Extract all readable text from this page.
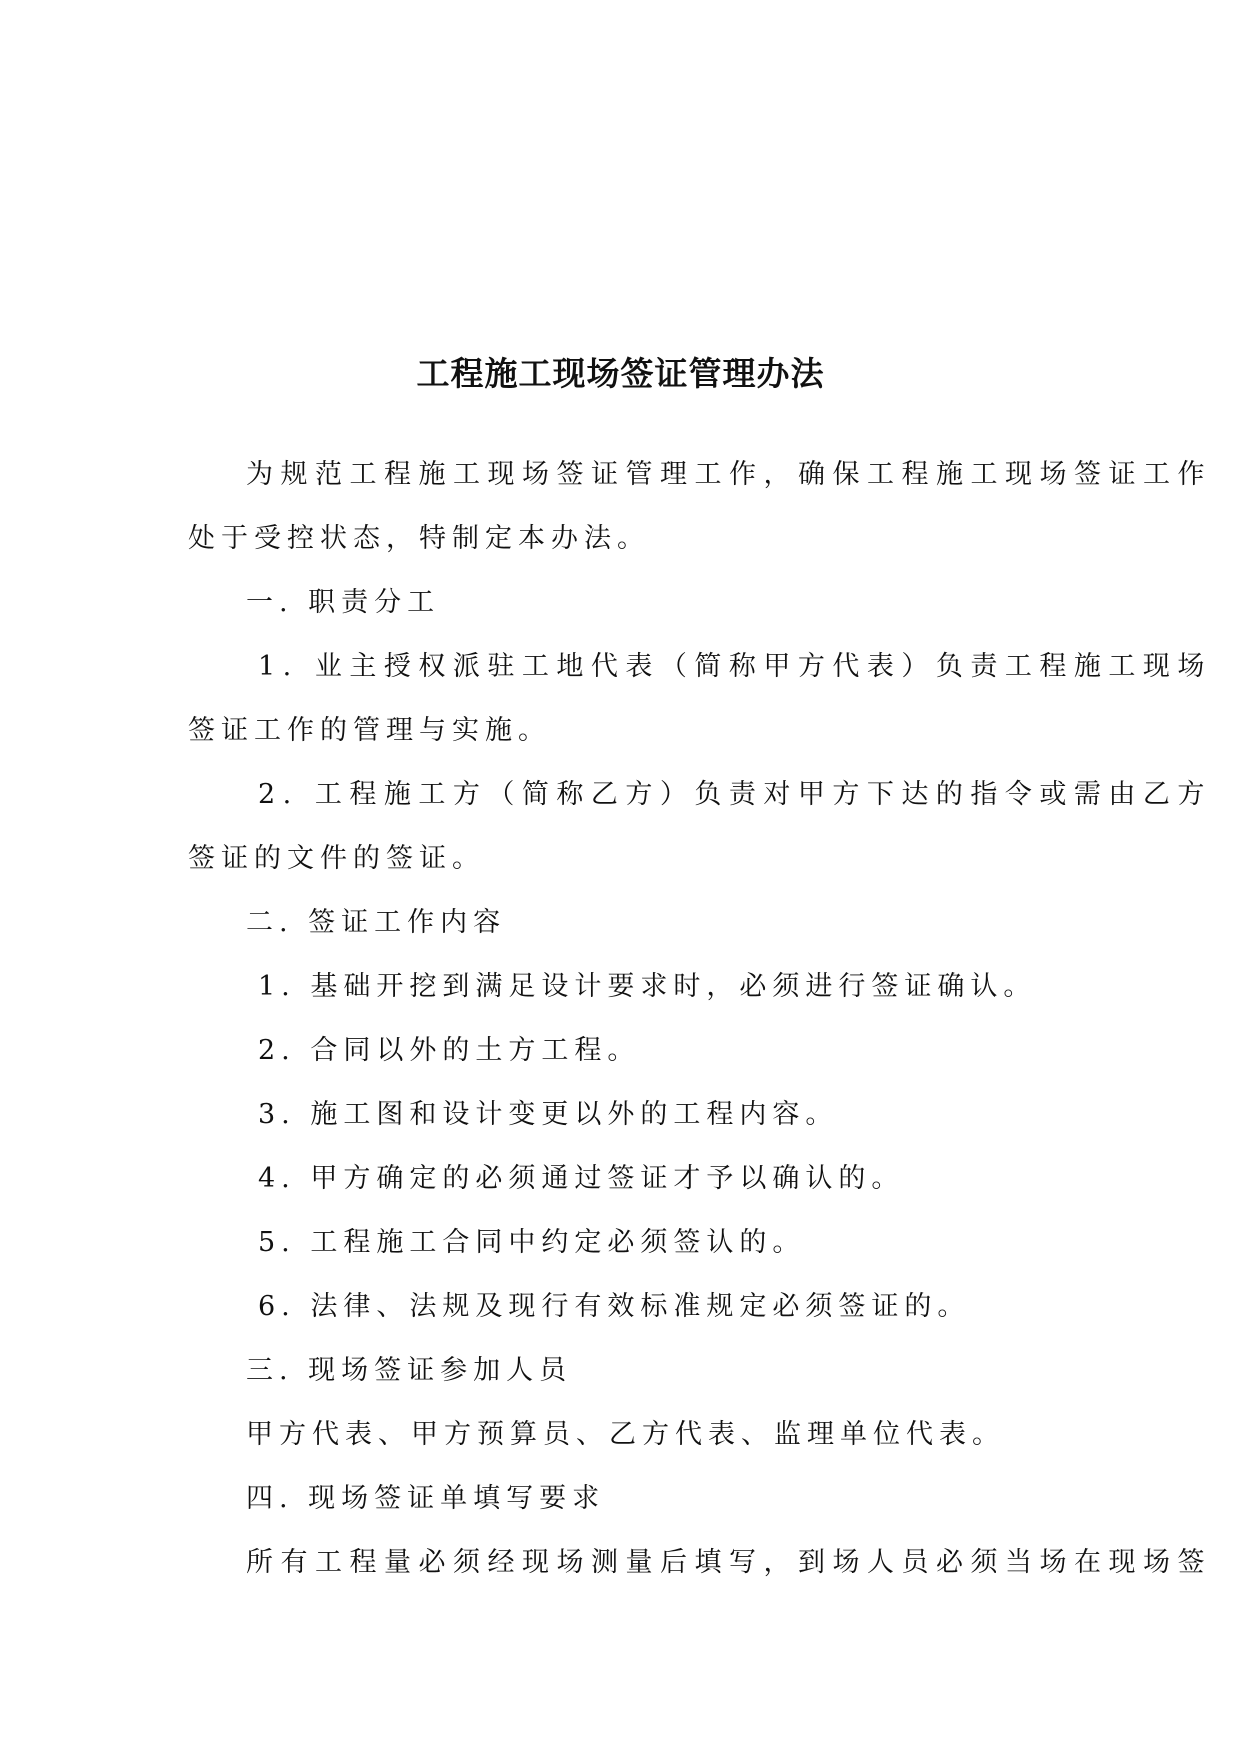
工程施工现场签证管理办法
为规范工程施工现场签证管理工作，确保工程施工现场签证工作
处于受控状态，特制定本办法。
一. 职责分工
1. 业主授权派驻工地代表（简称甲方代表）负责工程施工现场
签证工作的管理与实施。
2. 工程施工方（简称乙方）负责对甲方下达的指令或需由乙方
签证的文件的签证。
二. 签证工作内容
1. 基础开挖到满足设计要求时，必须进行签证确认。
2. 合同以外的土方工程。
3. 施工图和设计变更以外的工程内容。
4. 甲方确定的必须通过签证才予以确认的。
5. 工程施工合同中约定必须签认的。
6. 法律、法规及现行有效标准规定必须签证的。
三. 现场签证参加人员
甲方代表、甲方预算员、乙方代表、监理单位代表。
四. 现场签证单填写要求
所有工程量必须经现场测量后填写，到场人员必须当场在现场签
